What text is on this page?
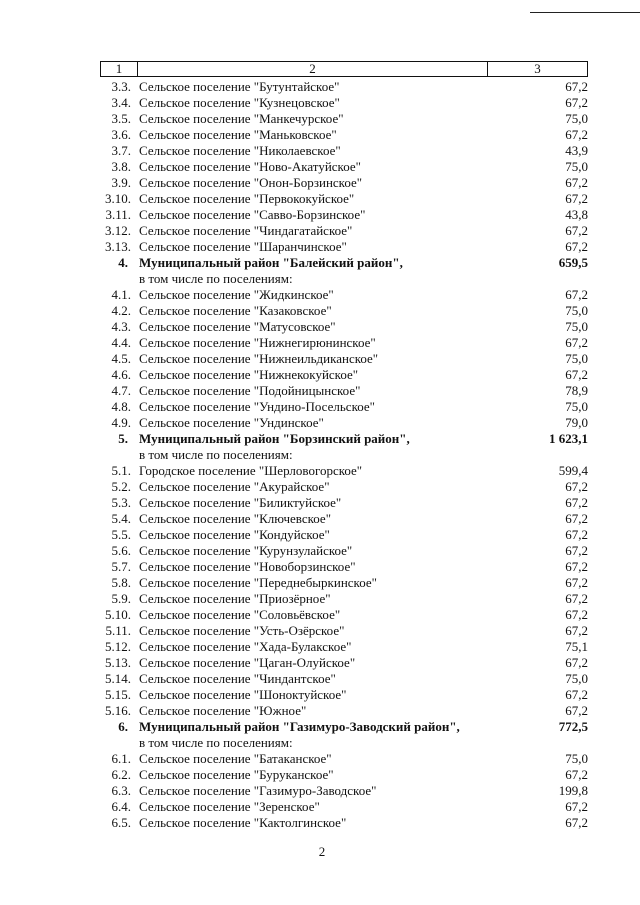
1	2	3
3.3. Сельское поселение "Бутунтайское"	67,2
3.4. Сельское поселение "Кузнецовское"	67,2
3.5. Сельское поселение "Манкечурское"	75,0
3.6. Сельское поселение "Маньковское"	67,2
3.7. Сельское поселение "Николаевское"	43,9
3.8. Сельское поселение "Ново-Акатуйское"	75,0
3.9. Сельское поселение "Онон-Борзинское"	67,2
3.10. Сельское поселение "Первококуйское"	67,2
3.11. Сельское поселение "Савво-Борзинское"	43,8
3.12. Сельское поселение "Чиндагатайское"	67,2
3.13. Сельское поселение "Шаранчинское"	67,2
4. Муниципальный район "Балейский район",	659,5
в том числе по поселениям:
4.1. Сельское поселение "Жидкинское"	67,2
4.2. Сельское поселение "Казаковское"	75,0
4.3. Сельское поселение "Матусовское"	75,0
4.4. Сельское поселение "Нижнегирюнинское"	67,2
4.5. Сельское поселение "Нижнеильдиканское"	75,0
4.6. Сельское поселение "Нижнекокуйское"	67,2
4.7. Сельское поселение "Подойницынское"	78,9
4.8. Сельское поселение "Ундино-Посельское"	75,0
4.9. Сельское поселение "Ундинское"	79,0
5. Муниципальный район "Борзинский район",	1 623,1
в том числе по поселениям:
5.1. Городское поселение "Шерловогорское"	599,4
5.2. Сельское поселение "Акурайское"	67,2
5.3. Сельское поселение "Биликтуйское"	67,2
5.4. Сельское поселение "Ключевское"	67,2
5.5. Сельское поселение "Кондуйское"	67,2
5.6. Сельское поселение "Курунзулайское"	67,2
5.7. Сельское поселение "Новоборзинское"	67,2
5.8. Сельское поселение "Переднебыркинское"	67,2
5.9. Сельское поселение "Приозёрное"	67,2
5.10. Сельское поселение "Соловьёвское"	67,2
5.11. Сельское поселение "Усть-Озёрское"	67,2
5.12. Сельское поселение "Хада-Булакское"	75,1
5.13. Сельское поселение "Цаган-Олуйское"	67,2
5.14. Сельское поселение "Чиндантское"	75,0
5.15. Сельское поселение "Шоноктуйское"	67,2
5.16. Сельское поселение "Южное"	67,2
6. Муниципальный район "Газимуро-Заводский район",	772,5
в том числе по поселениям:
6.1. Сельское поселение "Батаканское"	75,0
6.2. Сельское поселение "Буруканское"	67,2
6.3. Сельское поселение "Газимуро-Заводское"	199,8
6.4. Сельское поселение "Зеренское"	67,2
6.5. Сельское поселение "Кактолгинское"	67,2
2
